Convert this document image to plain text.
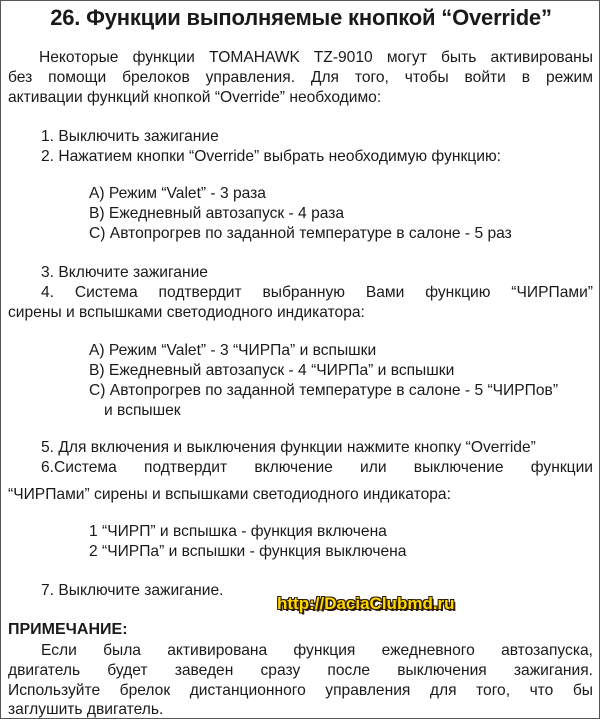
26. Функции выполняемые кнопкой “Override”
Некоторые функции TOMAHAWK TZ-9010 могут быть активированы
без помощи брелоков управления. Для того, чтобы войти в режим
активации функций кнопкой “Override” необходимо:
1. Выключить зажигание
2. Нажатием кнопки “Override” выбрать необходимую функцию:
A) Режим “Valet” - 3 раза
B) Ежедневный автозапуск - 4 раза
C) Автопрогрев по заданной температуре в салоне - 5 раз
3. Включите зажигание
4. Система подтвердит выбранную Вами функцию “ЧИРПами”
сирены и вспышками светодиодного индикатора:
A) Режим “Valet” - 3 “ЧИРПа” и вспышки
B) Ежедневный автозапуск - 4 “ЧИРПа” и вспышки
C) Автопрогрев по заданной температуре в салоне - 5 “ЧИРПов”
и вспышек
5. Для включения и выключения функции нажмите кнопку “Override”
6.Система подтвердит включение или выключение функции
“ЧИРПами” сирены и вспышками светодиодного индикатора:
1 “ЧИРП” и вспышка - функция включена
2 “ЧИРПа” и вспышки - функция выключена
7. Выключите зажигание.
http://DaciaClubmd.ru
ПРИМЕЧАНИЕ:
Если была активирована функция ежедневного автозапуска,
двигатель будет заведен сразу после выключения зажигания.
Используйте брелок дистанционного управления для того, что бы
заглушить двигатель.
